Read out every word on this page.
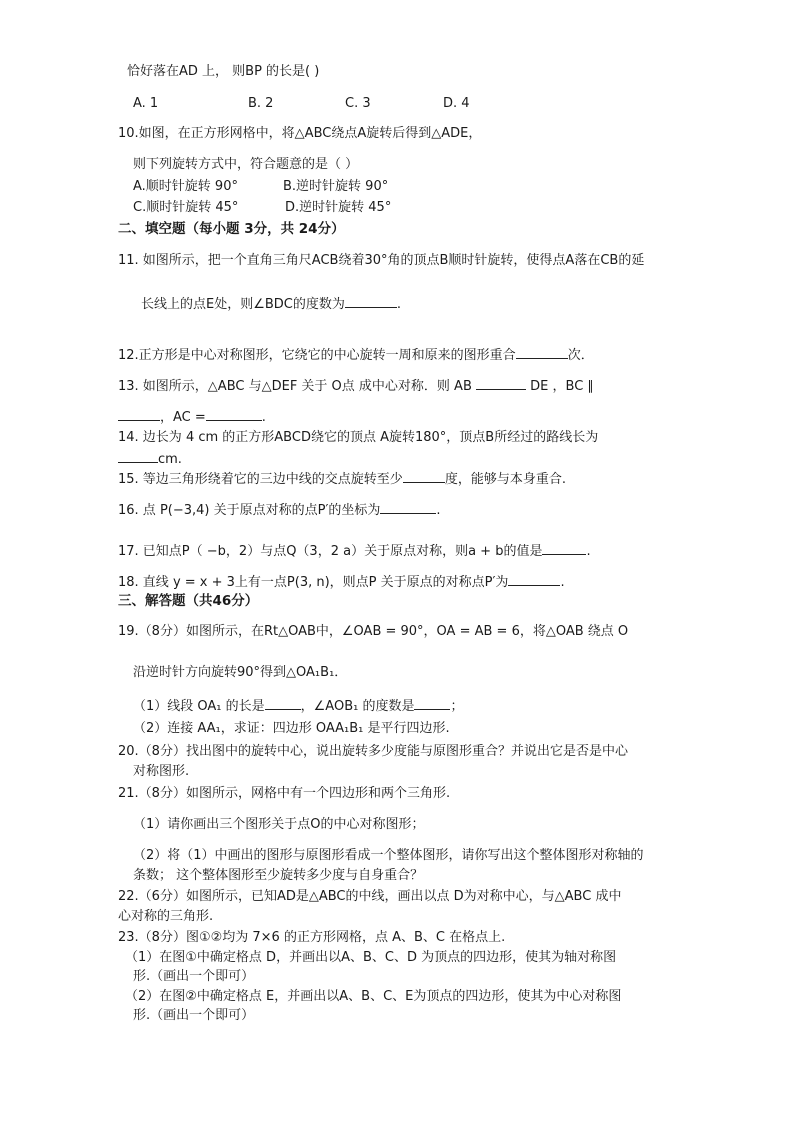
恰好落在AD 上， 则BP 的长是( )
A. 1	B. 2	C. 3	D. 4
10.如图，在正方形网格中，将△ABC绕点A旋转后得到△ADE，
则下列旋转方式中，符合题意的是（ ）
A.顺时针旋转 90°	B.逆时针旋转 90°
C.顺时针旋转 45°	D.逆时针旋转 45°
二、填空题（每小题 3分，共 24分）
11. 如图所示，把一个直角三角尺ACB绕着30°角的顶点B顺时针旋转，使得点A落在CB的延
长线上的点E处，则∠BDC的度数为	.
12.正方形是中心对称图形，它绕它的中心旋转一周和原来的图形重合	次．
13. 如图所示，△ABC 与△DEF 关于 O点 成中心对称．则 AB	DE ，BC ∥
，AC =	.
14. 边长为 4 cm 的正方形ABCD绕它的顶点 A旋转180°，顶点B所经过的路线长为
cm.
15. 等边三角形绕着它的三边中线的交点旋转至少	度，能够与本身重合.
16. 点 P(−3,4) 关于原点对称的点P′的坐标为	.
17. 已知点P（ −b，2）与点Q（3，2 a）关于原点对称，则a + b的值是	.
18. 直线 y = x + 3上有一点P(3, n)，则点P 关于原点的对称点P′为	.
三、解答题（共46分）
19.（8分）如图所示，在Rt△OAB中，∠OAB = 90°，OA = AB = 6，将△OAB 绕点 O
沿逆时针方向旋转90°得到△OA₁B₁．
（1）线段 OA₁ 的长是	，∠AOB₁ 的度数是	；
（2）连接 AA₁，求证：四边形 OAA₁B₁ 是平行四边形.
20.（8分）找出图中的旋转中心，说出旋转多少度能与原图形重合？并说出它是否是中心
对称图形.
21.（8分）如图所示，网格中有一个四边形和两个三角形.
（1）请你画出三个图形关于点O的中心对称图形；
（2）将（1）中画出的图形与原图形看成一个整体图形，请你写出这个整体图形对称轴的
条数； 这个整体图形至少旋转多少度与自身重合？
22.（6分）如图所示，已知AD是△ABC的中线，画出以点 D为对称中心，与△ABC 成中
心对称的三角形.
23.（8分）图①②均为 7×6 的正方形网格，点 A、B、C 在格点上.
（1）在图①中确定格点 D，并画出以A、B、C、D 为顶点的四边形，使其为轴对称图
形.（画出一个即可）
（2）在图②中确定格点 E，并画出以A、B、C、E为顶点的四边形，使其为中心对称图
形.（画出一个即可）
